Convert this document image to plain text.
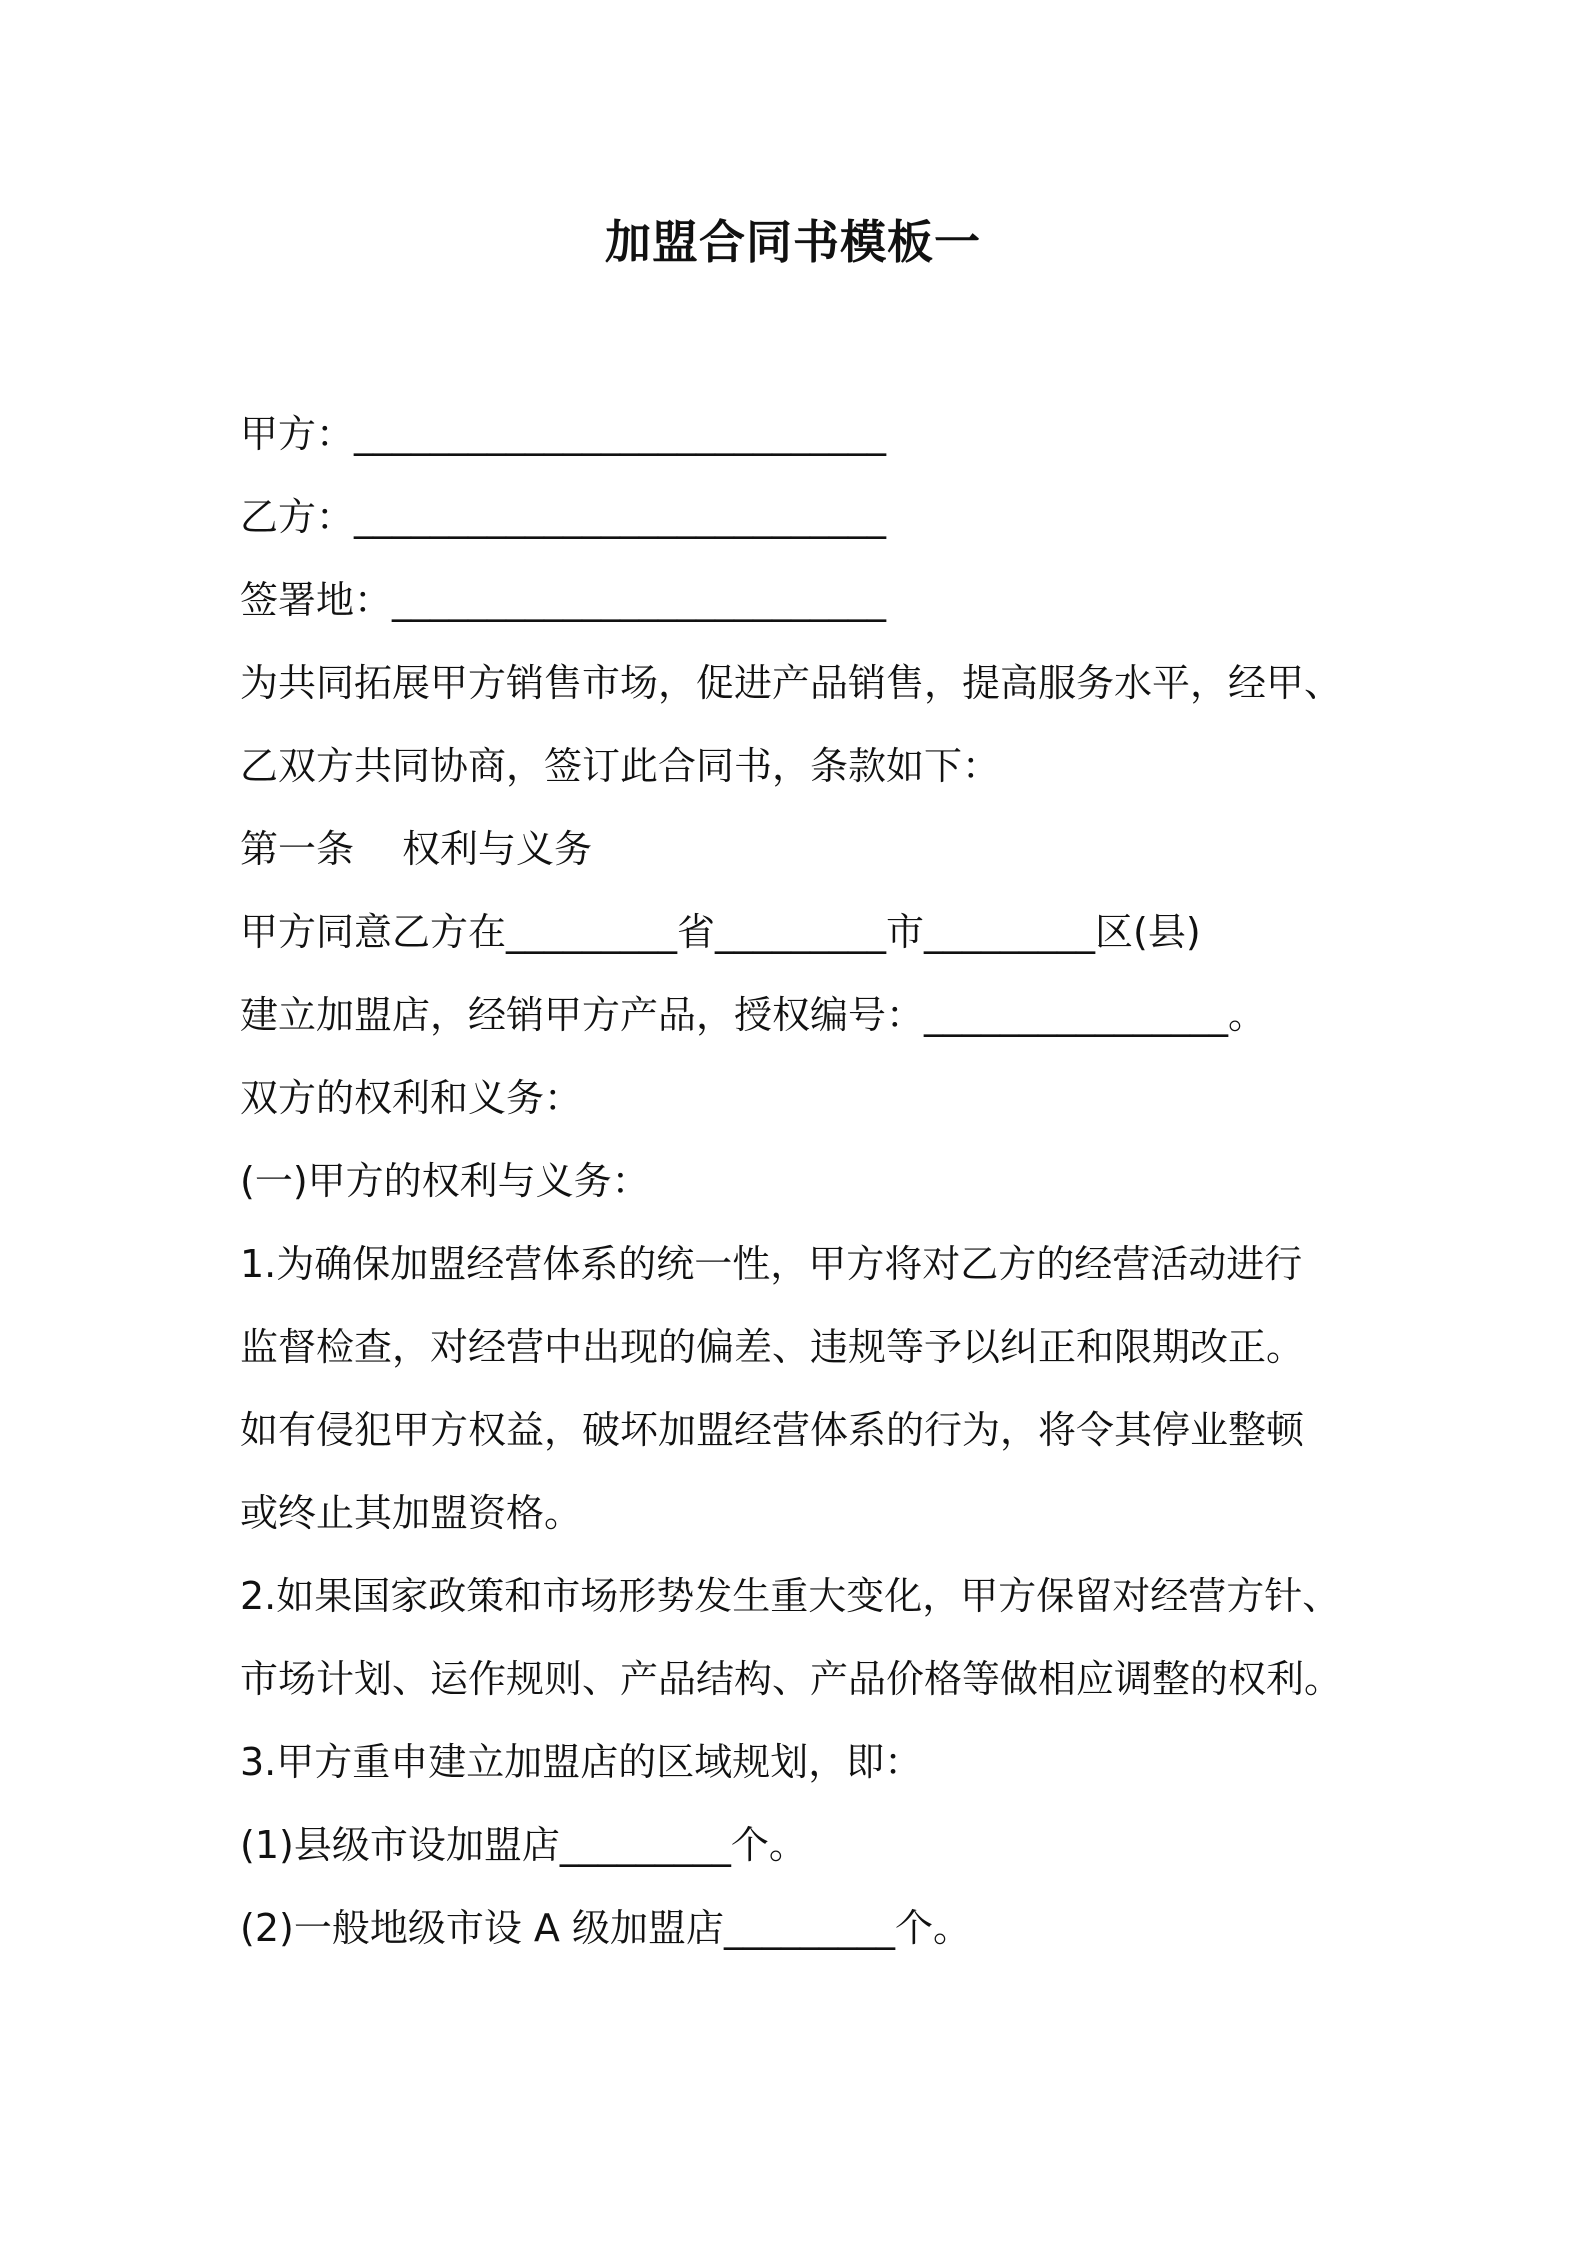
加盟合同书模板一

甲方：____________________________

乙方：____________________________

签署地：__________________________

为共同拓展甲方销售市场，促进产品销售，提高服务水平，经甲、

乙双方共同协商，签订此合同书，条款如下：

第一条 权利与义务

甲方同意乙方在_________省_________市_________区(县)

建立加盟店，经销甲方产品，授权编号：________________。

双方的权利和义务：

(一)甲方的权利与义务：

1.为确保加盟经营体系的统一性，甲方将对乙方的经营活动进行

监督检查，对经营中出现的偏差、违规等予以纠正和限期改正。

如有侵犯甲方权益，破坏加盟经营体系的行为，将令其停业整顿

或终止其加盟资格。

2.如果国家政策和市场形势发生重大变化，甲方保留对经营方针、

市场计划、运作规则、产品结构、产品价格等做相应调整的权利。

3.甲方重申建立加盟店的区域规划，即：

(1)县级市设加盟店_________个。

(2)一般地级市设 A 级加盟店_________个。
